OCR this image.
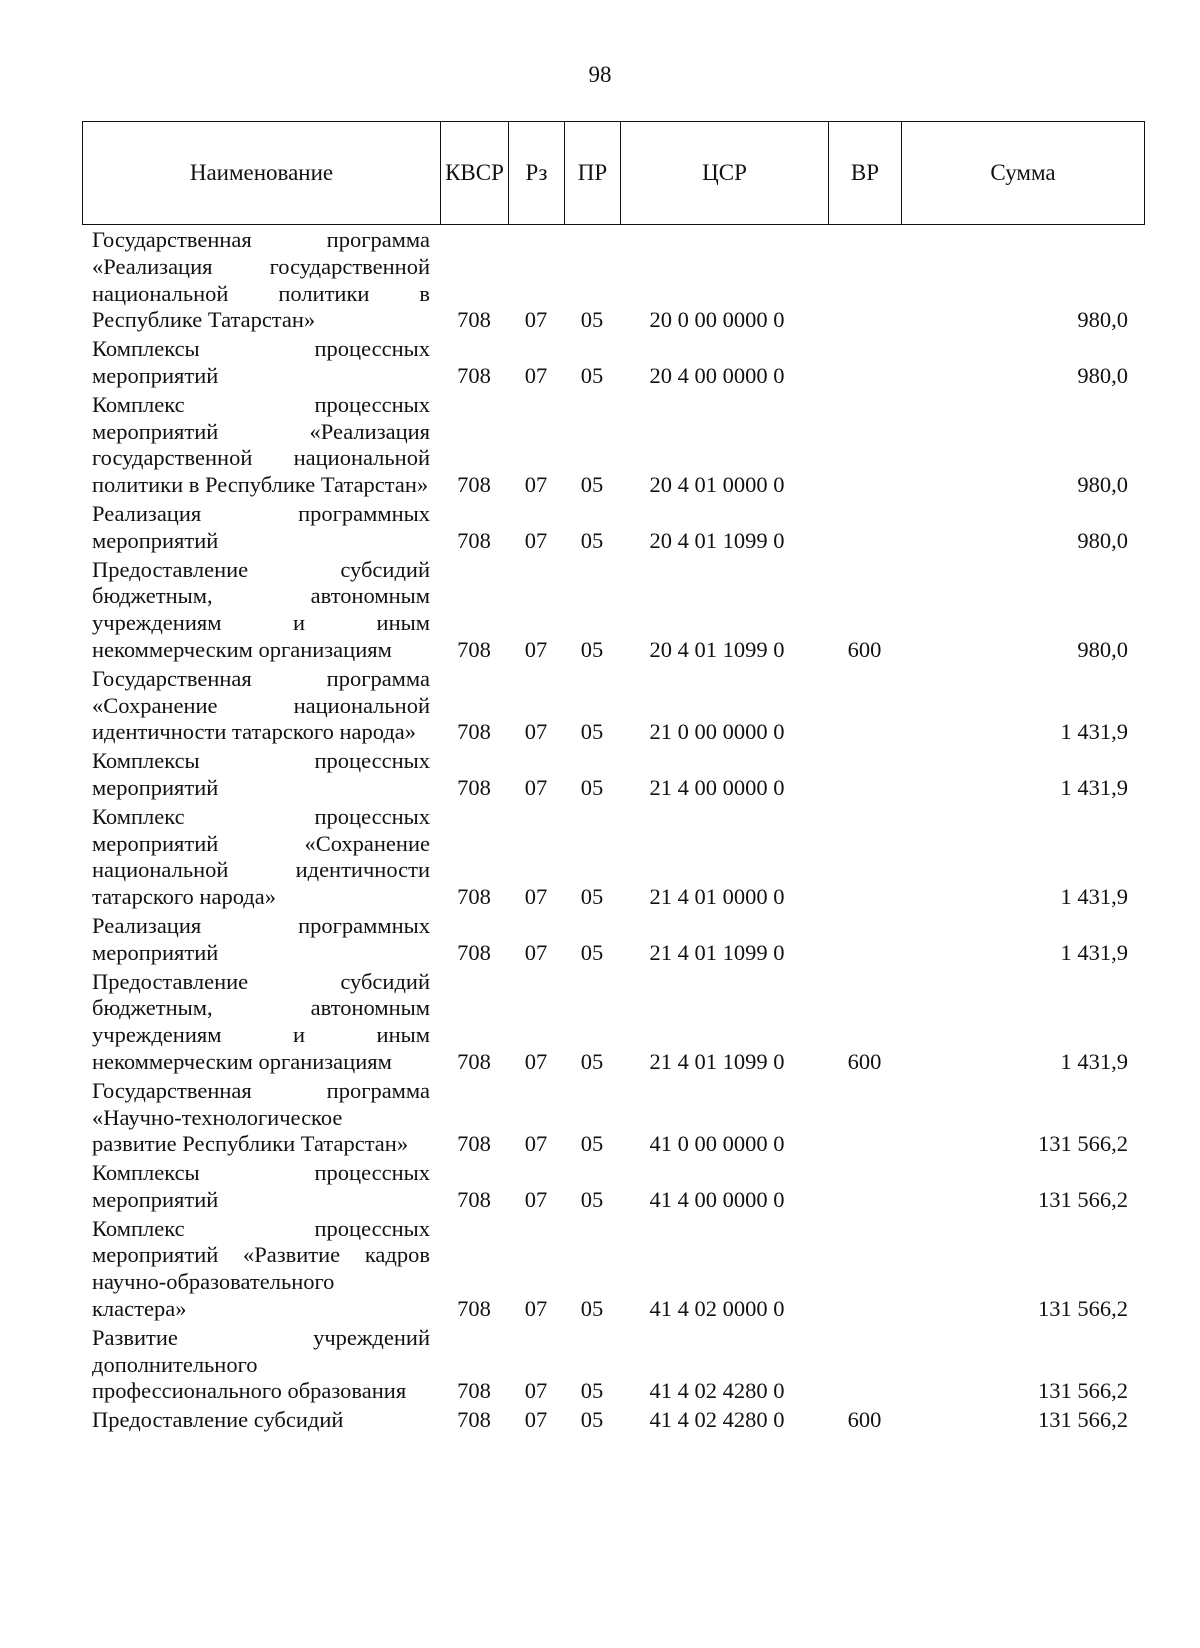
98
Наименование	КВСР	Рз	ПР	ЦСР	ВР	Сумма
Государственная программа «Реализация государственной национальной политики в Республике Татарстан»	708	07	05	20 0 00 0000 0		980,0
Комплексы процессных мероприятий	708	07	05	20 4 00 0000 0		980,0
Комплекс процессных мероприятий «Реализация государственной национальной политики в Республике Татарстан»	708	07	05	20 4 01 0000 0		980,0
Реализация программных мероприятий	708	07	05	20 4 01 1099 0		980,0
Предоставление субсидий бюджетным, автономным учреждениям и иным некоммерческим организациям	708	07	05	20 4 01 1099 0	600	980,0
Государственная программа «Сохранение национальной идентичности татарского народа»	708	07	05	21 0 00 0000 0		1 431,9
Комплексы процессных мероприятий	708	07	05	21 4 00 0000 0		1 431,9
Комплекс процессных мероприятий «Сохранение национальной идентичности татарского народа»	708	07	05	21 4 01 0000 0		1 431,9
Реализация программных мероприятий	708	07	05	21 4 01 1099 0		1 431,9
Предоставление субсидий бюджетным, автономным учреждениям и иным некоммерческим организациям	708	07	05	21 4 01 1099 0	600	1 431,9
Государственная программа «Научно-технологическое развитие Республики Татарстан»	708	07	05	41 0 00 0000 0		131 566,2
Комплексы процессных мероприятий	708	07	05	41 4 00 0000 0		131 566,2
Комплекс процессных мероприятий «Развитие кадров научно-образовательного кластера»	708	07	05	41 4 02 0000 0		131 566,2
Развитие учреждений дополнительного профессионального образования	708	07	05	41 4 02 4280 0		131 566,2
Предоставление субсидий	708	07	05	41 4 02 4280 0	600	131 566,2
